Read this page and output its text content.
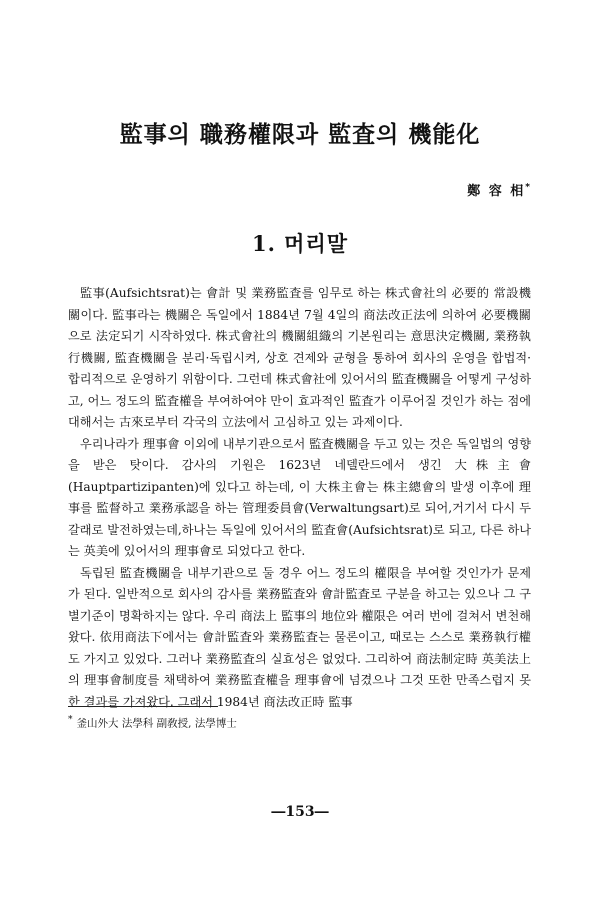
監事의 職務權限과 監査의 機能化
鄭 容 相*
1. 머리말

監事(Aufsichtsrat)는 會計 및 業務監査를 임무로 하는 株式會社의 必要的 常設機關이다. 監事라는 機關은 독일에서 1884년 7월 4일의 商法改正法에 의하여 必要機關으로 法定되기 시작하였다. 株式會社의 機關組織의 기본원리는 意思決定機關, 業務執行機關, 監査機關을 분리·독립시켜, 상호 견제와 균형을 통하여 회사의 운영을 합법적·합리적으로 운영하기 위함이다. 그런데 株式會社에 있어서의 監査機關을 어떻게 구성하고, 어느 정도의 監査權을 부여하여야 만이 효과적인 監査가 이루어질 것인가 하는 점에 대해서는 古來로부터 각국의 立法에서 고심하고 있는 과제이다.

우리나라가 理事會 이외에 내부기관으로서 監査機關을 두고 있는 것은 독일법의 영향을 받은 탓이다. 감사의 기원은 1623년 네델란드에서 생긴 大株主會(Hauptpartizipanten)에 있다고 하는데, 이 大株主會는 株主總會의 발생 이후에 理事를 監督하고 業務承認을 하는 管理委員會(Verwaltungsart)로 되어,거기서 다시 두 갈래로 발전하였는데,하나는 독일에 있어서의 監査會(Aufsichtsrat)로 되고, 다른 하나는 英美에 있어서의 理事會로 되었다고 한다.

독립된 監査機關을 내부기관으로 둘 경우 어느 정도의 權限을 부여할 것인가가 문제가 된다. 일반적으로 회사의 감사를 業務監査와 會計監査로 구분을 하고는 있으나 그 구별기준이 명확하지는 않다. 우리 商法上 監事의 地位와 權限은 여러 번에 걸쳐서 변천해 왔다. 依用商法下에서는 會計監査와 業務監査는 물론이고, 때로는 스스로 業務執行權도 가지고 있었다. 그러나 業務監査의 실효성은 없었다. 그리하여 商法制定時 英美法上의 理事會制度를 채택하여 業務監査權을 理事會에 넘겼으나 그것 또한 만족스럽지 못한 결과를 가져왔다. 그래서 1984년 商法改正時 監事

* 釜山外大 法學科 副敎授, 法學博士
―153―
